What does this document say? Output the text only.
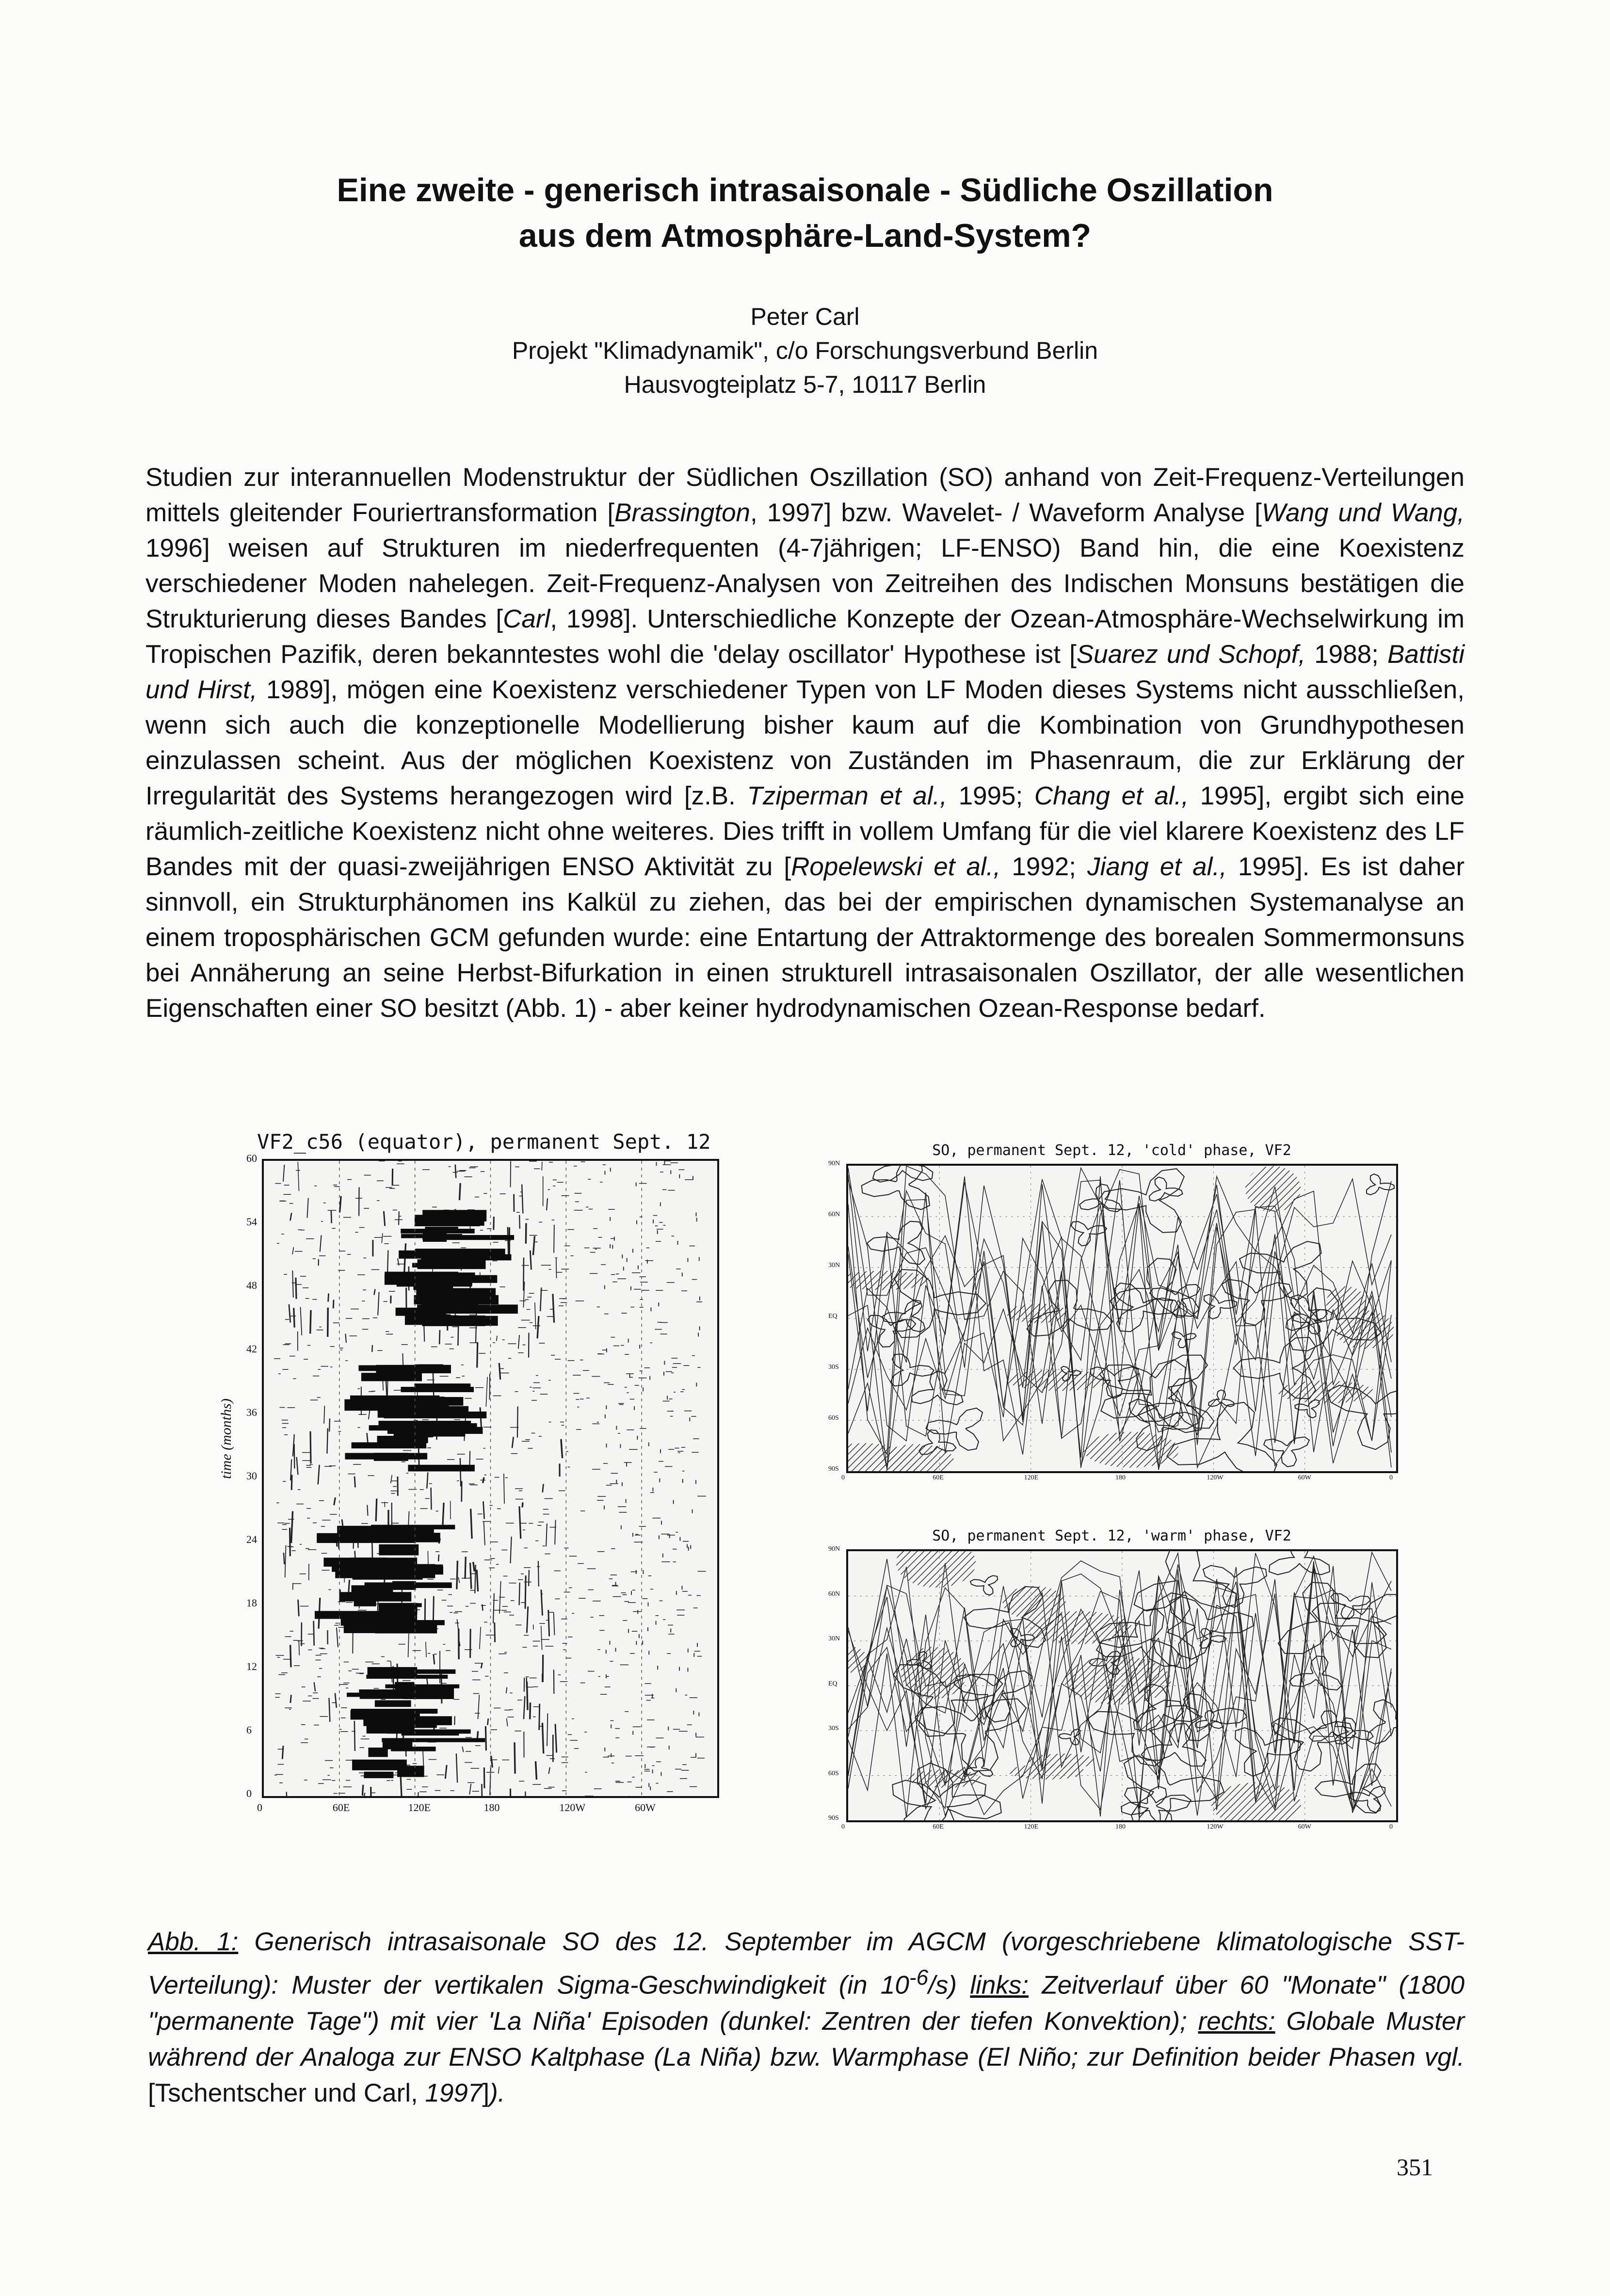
Eine zweite - generisch intrasaisonale - Südliche Oszillation
aus dem Atmosphäre-Land-System?
Peter Carl
Projekt "Klimadynamik", c/o Forschungsverbund Berlin
Hausvogteiplatz 5-7, 10117 Berlin
Studien zur interannuellen Modenstruktur der Südlichen Oszillation (SO) anhand von Zeit-Frequenz-Verteilungen mittels gleitender Fouriertransformation [Brassington, 1997] bzw. Wavelet- / Waveform Analyse [Wang und Wang, 1996] weisen auf Strukturen im niederfrequenten (4-7jährigen; LF-ENSO) Band hin, die eine Koexistenz verschiedener Moden nahelegen. Zeit-Frequenz-Analysen von Zeitreihen des Indischen Monsuns bestätigen die Strukturierung dieses Bandes [Carl, 1998]. Unterschiedliche Konzepte der Ozean-Atmosphäre-Wechselwirkung im Tropischen Pazifik, deren bekanntestes wohl die 'delay oscillator' Hypothese ist [Suarez und Schopf, 1988; Battisti und Hirst, 1989], mögen eine Koexistenz verschiedener Typen von LF Moden dieses Systems nicht ausschließen, wenn sich auch die konzeptionelle Modellierung bisher kaum auf die Kombination von Grundhypothesen einzulassen scheint. Aus der möglichen Koexistenz von Zuständen im Phasenraum, die zur Erklärung der Irregularität des Systems herangezogen wird [z.B. Tziperman et al., 1995; Chang et al., 1995], ergibt sich eine räumlich-zeitliche Koexistenz nicht ohne weiteres. Dies trifft in vollem Umfang für die viel klarere Koexistenz des LF Bandes mit der quasi-zweijährigen ENSO Aktivität zu [Ropelewski et al., 1992; Jiang et al., 1995]. Es ist daher sinnvoll, ein Strukturphänomen ins Kalkül zu ziehen, das bei der empirischen dynamischen Systemanalyse an einem troposphärischen GCM gefunden wurde: eine Entartung der Attraktormenge des borealen Sommermonsuns bei Annäherung an seine Herbst-Bifurkation in einen strukturell intrasaisonalen Oszillator, der alle wesentlichen Eigenschaften einer SO besitzt (Abb. 1) - aber keiner hydrodynamischen Ozean-Response bedarf.
VF2_c56 (equator), permanent Sept. 12
time (months)
0
6
12
18
24
30
36
42
48
54
60
0	60E	120E	180	120W	60W
SO, permanent Sept. 12, 'cold' phase, VF2
90N
60N
30N
EQ
30S
60S
90S
0	60E	120E	180	120W	60W	0
SO, permanent Sept. 12, 'warm' phase, VF2
90N
60N
30N
EQ
30S
60S
90S
0	60E	120E	180	120W	60W	0
Abb. 1: Generisch intrasaisonale SO des 12. September im AGCM (vorgeschriebene klimatologische SST-Verteilung): Muster der vertikalen Sigma-Geschwindigkeit (in $10^{-6}/s$) links: Zeitverlauf über 60 "Monate" (1800 "permanente Tage") mit vier 'La Niña' Episoden (dunkel: Zentren der tiefen Konvektion); rechts: Globale Muster während der Analoga zur ENSO Kaltphase (La Niña) bzw. Warmphase (El Niño; zur Definition beider Phasen vgl. [Tschentscher und Carl, 1997]).
351
